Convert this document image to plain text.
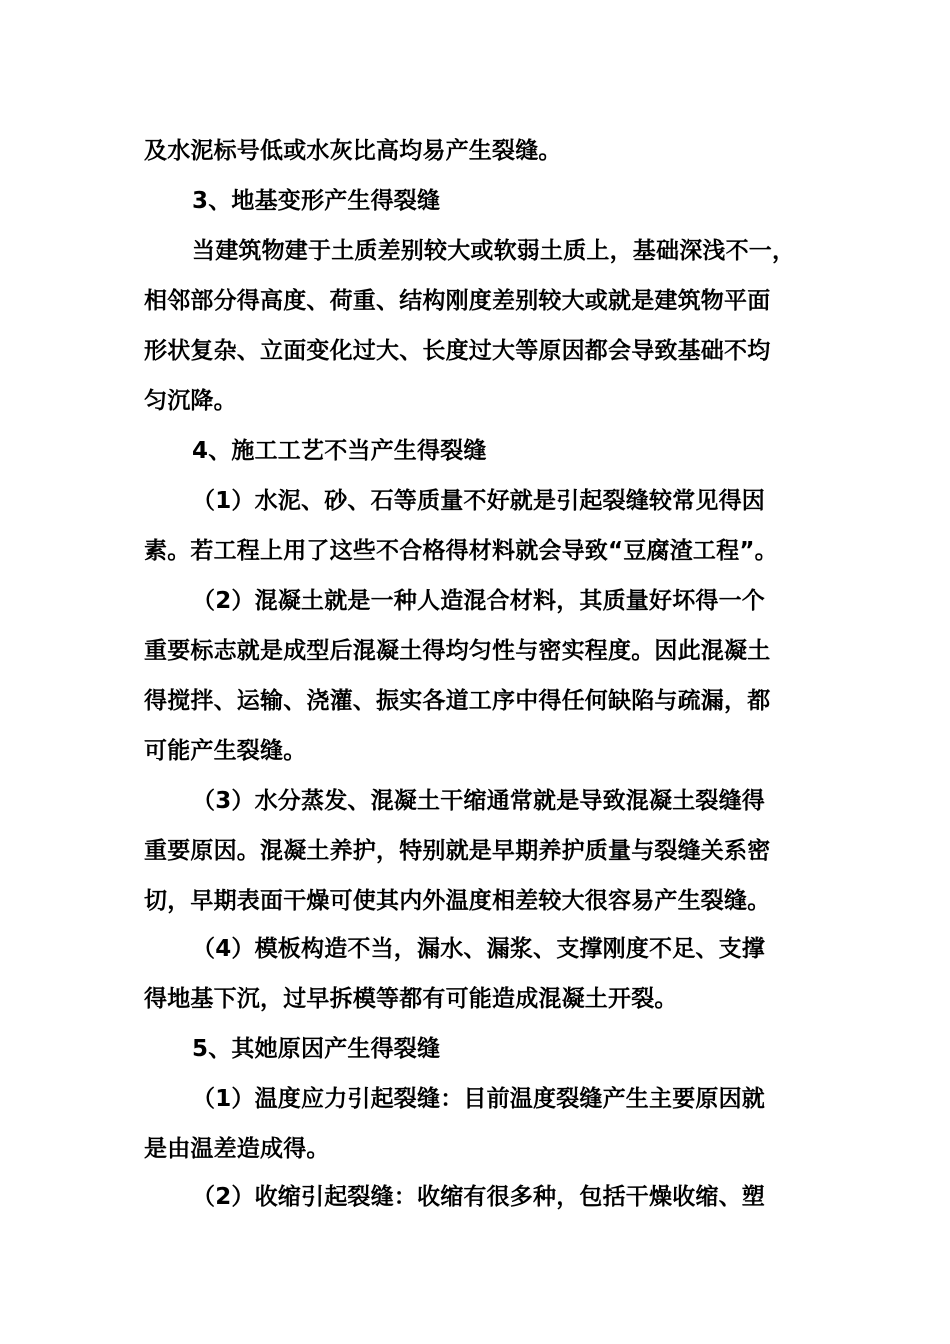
及水泥标号低或水灰比高均易产生裂缝。
3、地基变形产生得裂缝
当建筑物建于土质差别较大或软弱土质上，基础深浅不一，
相邻部分得高度、荷重、结构刚度差别较大或就是建筑物平面
形状复杂、立面变化过大、长度过大等原因都会导致基础不均
匀沉降。
4、施工工艺不当产生得裂缝
（1）水泥、砂、石等质量不好就是引起裂缝较常见得因
素。若工程上用了这些不合格得材料就会导致“豆腐渣工程”。
（2）混凝土就是一种人造混合材料，其质量好坏得一个
重要标志就是成型后混凝土得均匀性与密实程度。因此混凝土
得搅拌、运输、浇灌、振实各道工序中得任何缺陷与疏漏，都
可能产生裂缝。
（3）水分蒸发、混凝土干缩通常就是导致混凝土裂缝得
重要原因。混凝土养护，特别就是早期养护质量与裂缝关系密
切，早期表面干燥可使其内外温度相差较大很容易产生裂缝。
（4）模板构造不当，漏水、漏浆、支撑刚度不足、支撑
得地基下沉，过早拆模等都有可能造成混凝土开裂。
5、其她原因产生得裂缝
（1）温度应力引起裂缝：目前温度裂缝产生主要原因就
是由温差造成得。
（2）收缩引起裂缝：收缩有很多种，包括干燥收缩、塑
